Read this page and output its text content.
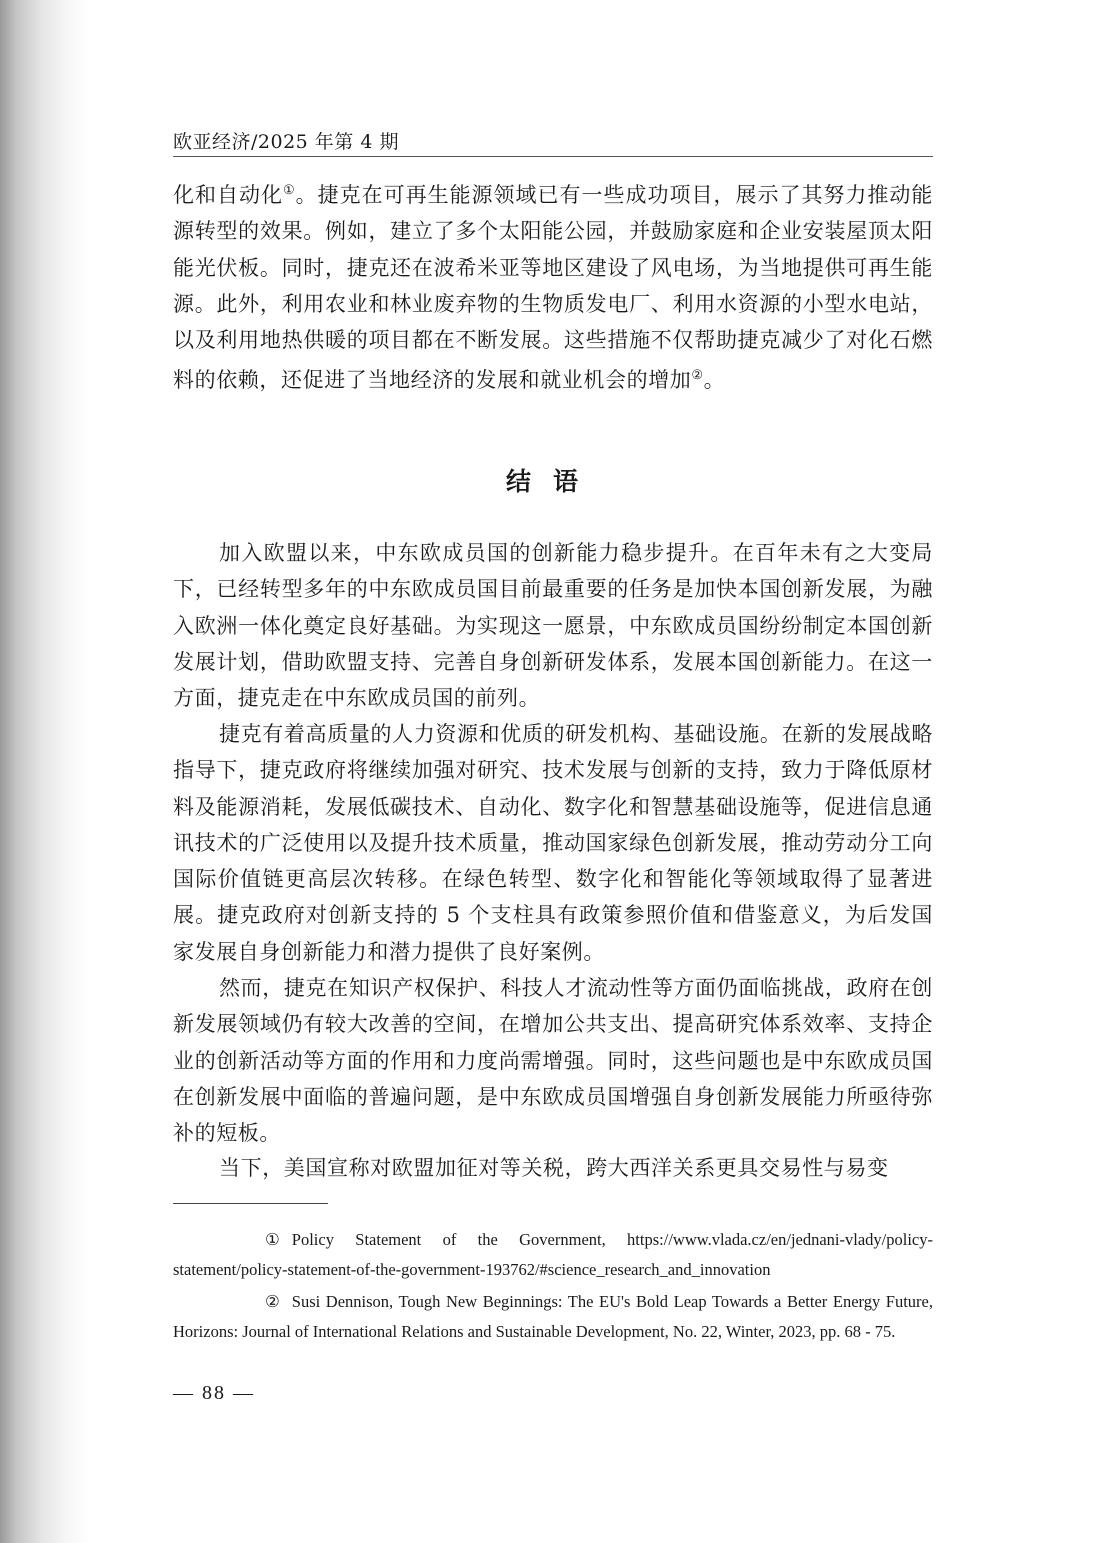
欧亚经济/2025 年第 4 期

化和自动化①。捷克在可再生能源领域已有一些成功项目，展示了其努力推动能源转型的效果。例如，建立了多个太阳能公园，并鼓励家庭和企业安装屋顶太阳能光伏板。同时，捷克还在波希米亚等地区建设了风电场，为当地提供可再生能源。此外，利用农业和林业废弃物的生物质发电厂、利用水资源的小型水电站，以及利用地热供暖的项目都在不断发展。这些措施不仅帮助捷克减少了对化石燃料的依赖，还促进了当地经济的发展和就业机会的增加②。

结语

加入欧盟以来，中东欧成员国的创新能力稳步提升。在百年未有之大变局下，已经转型多年的中东欧成员国目前最重要的任务是加快本国创新发展，为融入欧洲一体化奠定良好基础。为实现这一愿景，中东欧成员国纷纷制定本国创新发展计划，借助欧盟支持、完善自身创新研发体系，发展本国创新能力。在这一方面，捷克走在中东欧成员国的前列。

捷克有着高质量的人力资源和优质的研发机构、基础设施。在新的发展战略指导下，捷克政府将继续加强对研究、技术发展与创新的支持，致力于降低原材料及能源消耗，发展低碳技术、自动化、数字化和智慧基础设施等，促进信息通讯技术的广泛使用以及提升技术质量，推动国家绿色创新发展，推动劳动分工向国际价值链更高层次转移。在绿色转型、数字化和智能化等领域取得了显著进展。捷克政府对创新支持的 5 个支柱具有政策参照价值和借鉴意义，为后发国家发展自身创新能力和潜力提供了良好案例。

然而，捷克在知识产权保护、科技人才流动性等方面仍面临挑战，政府在创新发展领域仍有较大改善的空间，在增加公共支出、提高研究体系效率、支持企业的创新活动等方面的作用和力度尚需增强。同时，这些问题也是中东欧成员国在创新发展中面临的普遍问题，是中东欧成员国增强自身创新发展能力所亟待弥补的短板。

当下，美国宣称对欧盟加征对等关税，跨大西洋关系更具交易性与易变

① Policy Statement of the Government, https://www.vlada.cz/en/jednani-vlady/policy-statement/policy-statement-of-the-government-193762/#science_research_and_innovation

② Susi Dennison, Tough New Beginnings: The EU's Bold Leap Towards a Better Energy Future, Horizons: Journal of International Relations and Sustainable Development, No. 22, Winter, 2023, pp. 68 - 75.

— 88 —
